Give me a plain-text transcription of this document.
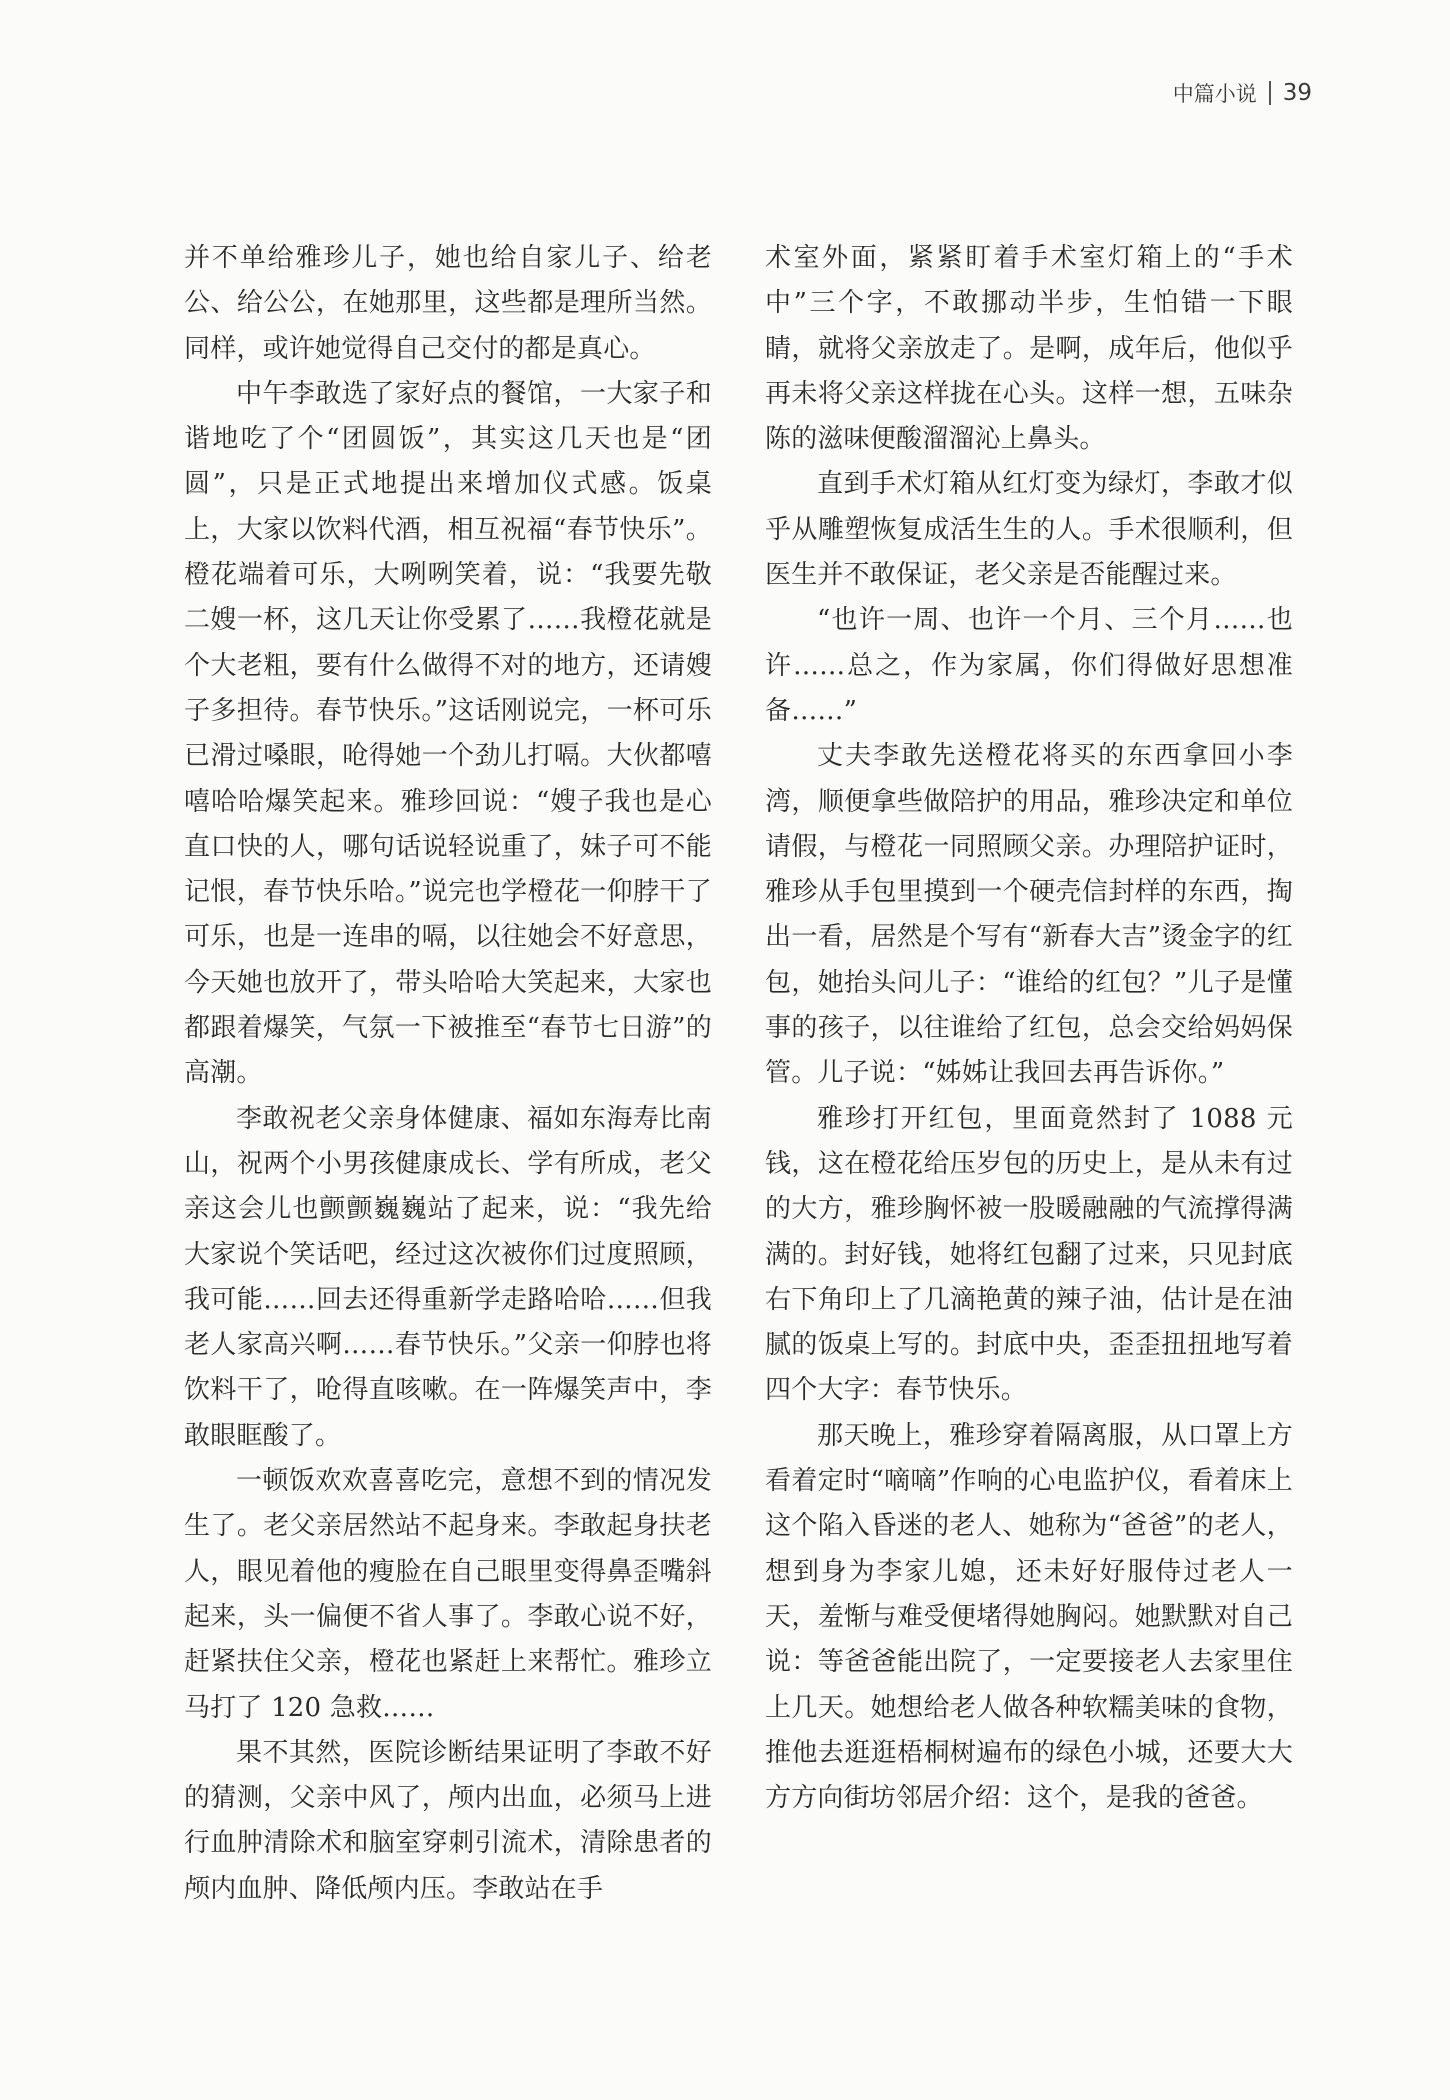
中篇小说 39

并不单给雅珍儿子，她也给自家儿子、给老公、给公公，在她那里，这些都是理所当然。同样，或许她觉得自己交付的都是真心。

中午李敢选了家好点的餐馆，一大家子和谐地吃了个“团圆饭”，其实这几天也是“团圆”，只是正式地提出来增加仪式感。饭桌上，大家以饮料代酒，相互祝福“春节快乐”。橙花端着可乐，大咧咧笑着，说：“我要先敬二嫂一杯，这几天让你受累了……我橙花就是个大老粗，要有什么做得不对的地方，还请嫂子多担待。春节快乐。”这话刚说完，一杯可乐已滑过嗓眼，呛得她一个劲儿打嗝。大伙都嘻嘻哈哈爆笑起来。雅珍回说：“嫂子我也是心直口快的人，哪句话说轻说重了，妹子可不能记恨，春节快乐哈。”说完也学橙花一仰脖干了可乐，也是一连串的嗝，以往她会不好意思，今天她也放开了，带头哈哈大笑起来，大家也都跟着爆笑，气氛一下被推至“春节七日游”的高潮。

李敢祝老父亲身体健康、福如东海寿比南山，祝两个小男孩健康成长、学有所成，老父亲这会儿也颤颤巍巍站了起来，说：“我先给大家说个笑话吧，经过这次被你们过度照顾，我可能……回去还得重新学走路哈哈……但我老人家高兴啊……春节快乐。”父亲一仰脖也将饮料干了，呛得直咳嗽。在一阵爆笑声中，李敢眼眶酸了。

一顿饭欢欢喜喜吃完，意想不到的情况发生了。老父亲居然站不起身来。李敢起身扶老人，眼见着他的瘦脸在自己眼里变得鼻歪嘴斜起来，头一偏便不省人事了。李敢心说不好，赶紧扶住父亲，橙花也紧赶上来帮忙。雅珍立马打了 120 急救……

果不其然，医院诊断结果证明了李敢不好的猜测，父亲中风了，颅内出血，必须马上进行血肿清除术和脑室穿刺引流术，清除患者的颅内血肿、降低颅内压。李敢站在手

术室外面，紧紧盯着手术室灯箱上的“手术中”三个字，不敢挪动半步，生怕错一下眼睛，就将父亲放走了。是啊，成年后，他似乎再未将父亲这样拢在心头。这样一想，五味杂陈的滋味便酸溜溜沁上鼻头。

直到手术灯箱从红灯变为绿灯，李敢才似乎从雕塑恢复成活生生的人。手术很顺利，但医生并不敢保证，老父亲是否能醒过来。

“也许一周、也许一个月、三个月……也许……总之，作为家属，你们得做好思想准备……”

丈夫李敢先送橙花将买的东西拿回小李湾，顺便拿些做陪护的用品，雅珍决定和单位请假，与橙花一同照顾父亲。办理陪护证时，雅珍从手包里摸到一个硬壳信封样的东西，掏出一看，居然是个写有“新春大吉”烫金字的红包，她抬头问儿子：“谁给的红包？”儿子是懂事的孩子，以往谁给了红包，总会交给妈妈保管。儿子说：“姊姊让我回去再告诉你。”

雅珍打开红包，里面竟然封了 1088 元钱，这在橙花给压岁包的历史上，是从未有过的大方，雅珍胸怀被一股暖融融的气流撑得满满的。封好钱，她将红包翻了过来，只见封底右下角印上了几滴艳黄的辣子油，估计是在油腻的饭桌上写的。封底中央，歪歪扭扭地写着四个大字：春节快乐。

那天晚上，雅珍穿着隔离服，从口罩上方看着定时“嘀嘀”作响的心电监护仪，看着床上这个陷入昏迷的老人、她称为“爸爸”的老人，想到身为李家儿媳，还未好好服侍过老人一天，羞惭与难受便堵得她胸闷。她默默对自己说：等爸爸能出院了，一定要接老人去家里住上几天。她想给老人做各种软糯美味的食物，推他去逛逛梧桐树遍布的绿色小城，还要大大方方向街坊邻居介绍：这个，是我的爸爸。
